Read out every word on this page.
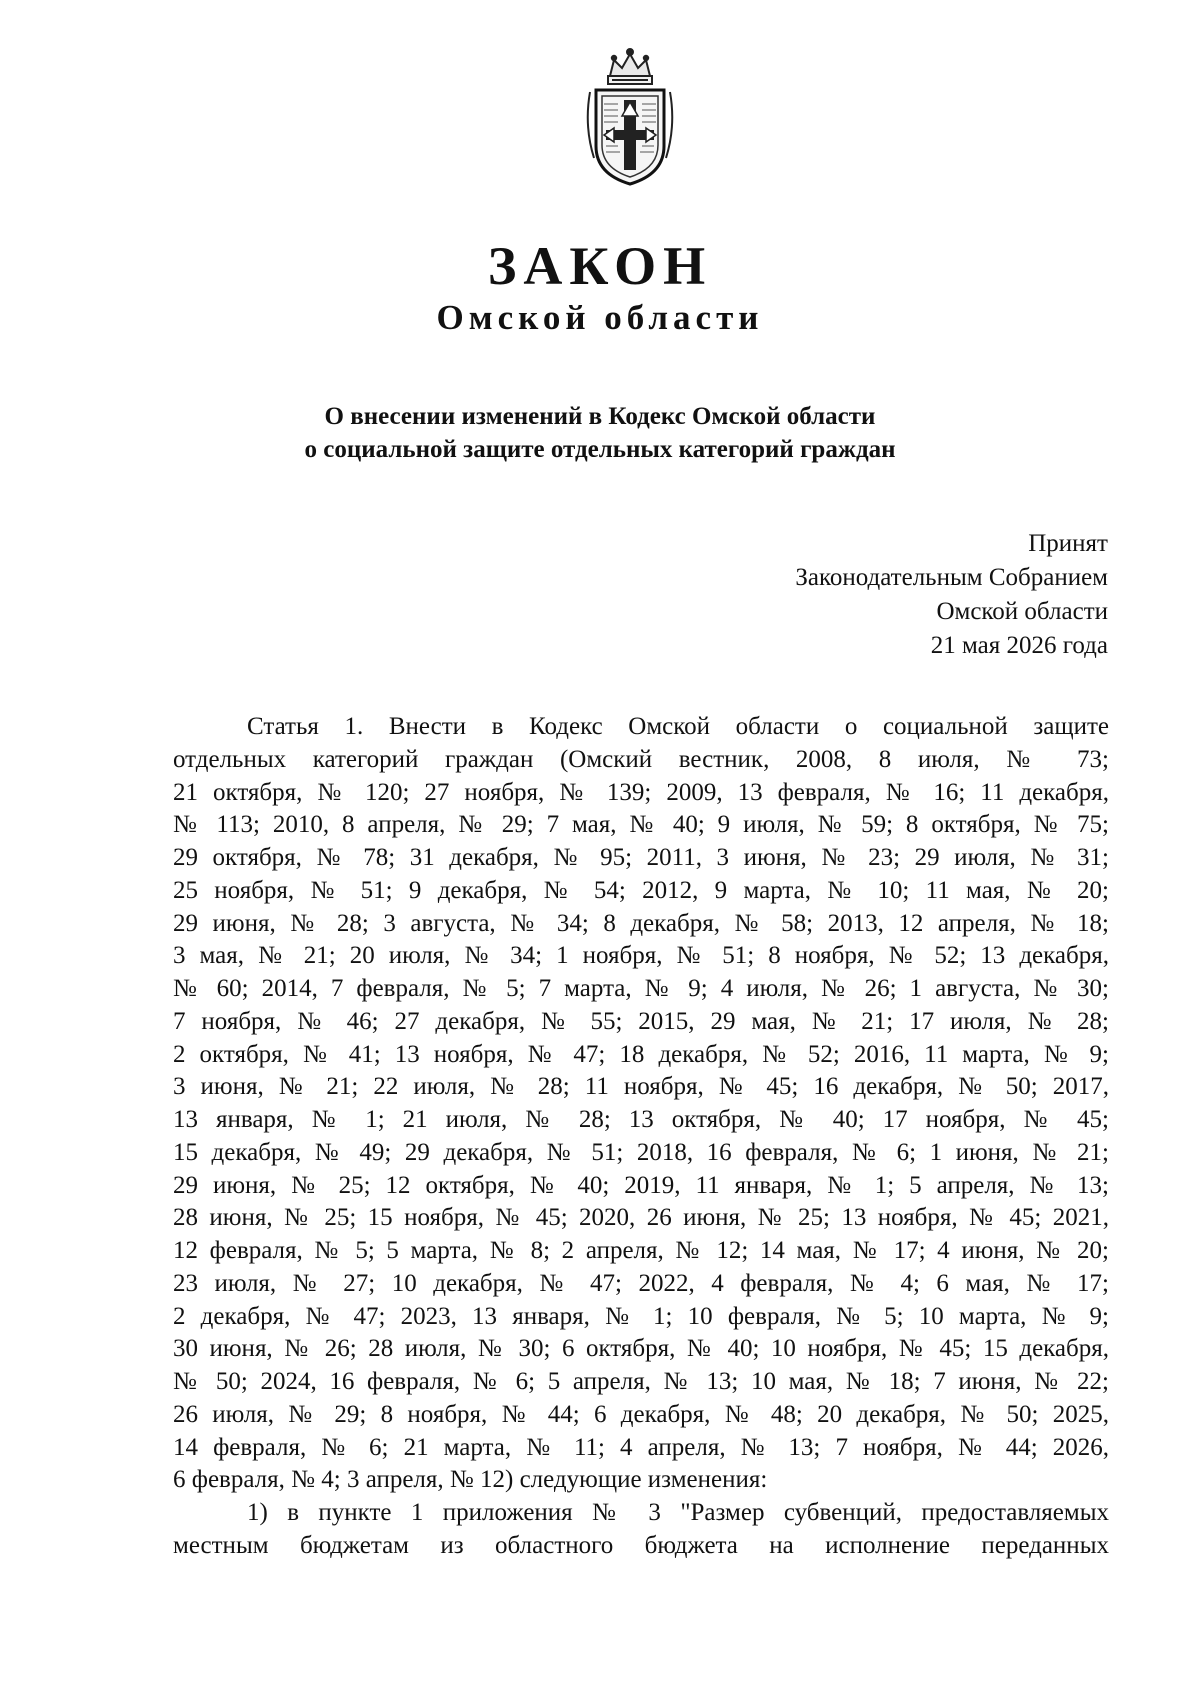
ЗАКОН
Омской области
О внесении изменений в Кодекс Омской области
о социальной защите отдельных категорий граждан
Принят
Законодательным Собранием
Омской области
21 мая 2026 года
Статья 1. Внести в Кодекс Омской области о социальной защите
отдельных категорий граждан (Омский вестник, 2008, 8 июля, № 73;
21 октября, № 120; 27 ноября, № 139; 2009, 13 февраля, № 16; 11 декабря,
№ 113; 2010, 8 апреля, № 29; 7 мая, № 40; 9 июля, № 59; 8 октября, № 75;
29 октября, № 78; 31 декабря, № 95; 2011, 3 июня, № 23; 29 июля, № 31;
25 ноября, № 51; 9 декабря, № 54; 2012, 9 марта, № 10; 11 мая, № 20;
29 июня, № 28; 3 августа, № 34; 8 декабря, № 58; 2013, 12 апреля, № 18;
3 мая, № 21; 20 июля, № 34; 1 ноября, № 51; 8 ноября, № 52; 13 декабря,
№ 60; 2014, 7 февраля, № 5; 7 марта, № 9; 4 июля, № 26; 1 августа, № 30;
7 ноября, № 46; 27 декабря, № 55; 2015, 29 мая, № 21; 17 июля, № 28;
2 октября, № 41; 13 ноября, № 47; 18 декабря, № 52; 2016, 11 марта, № 9;
3 июня, № 21; 22 июля, № 28; 11 ноября, № 45; 16 декабря, № 50; 2017,
13 января, № 1; 21 июля, № 28; 13 октября, № 40; 17 ноября, № 45;
15 декабря, № 49; 29 декабря, № 51; 2018, 16 февраля, № 6; 1 июня, № 21;
29 июня, № 25; 12 октября, № 40; 2019, 11 января, № 1; 5 апреля, № 13;
28 июня, № 25; 15 ноября, № 45; 2020, 26 июня, № 25; 13 ноября, № 45; 2021,
12 февраля, № 5; 5 марта, № 8; 2 апреля, № 12; 14 мая, № 17; 4 июня, № 20;
23 июля, № 27; 10 декабря, № 47; 2022, 4 февраля, № 4; 6 мая, № 17;
2 декабря, № 47; 2023, 13 января, № 1; 10 февраля, № 5; 10 марта, № 9;
30 июня, № 26; 28 июля, № 30; 6 октября, № 40; 10 ноября, № 45; 15 декабря,
№ 50; 2024, 16 февраля, № 6; 5 апреля, № 13; 10 мая, № 18; 7 июня, № 22;
26 июля, № 29; 8 ноября, № 44; 6 декабря, № 48; 20 декабря, № 50; 2025,
14 февраля, № 6; 21 марта, № 11; 4 апреля, № 13; 7 ноября, № 44; 2026,
6 февраля, № 4; 3 апреля, № 12) следующие изменения:
1) в пункте 1 приложения № 3 "Размер субвенций, предоставляемых
местным бюджетам из областного бюджета на исполнение переданных
